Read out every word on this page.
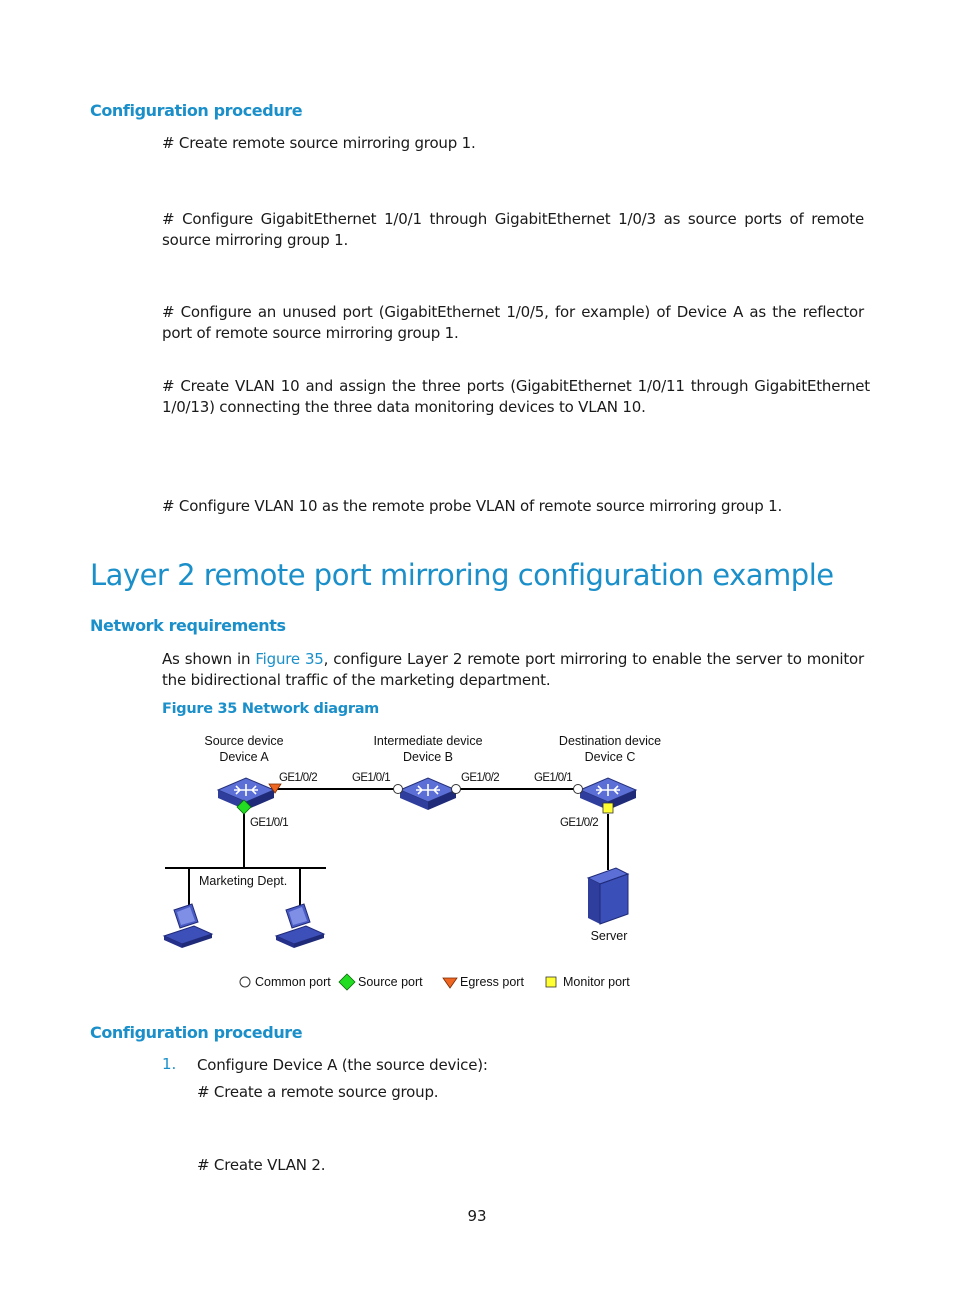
Configuration procedure

# Create remote source mirroring group 1.

# Configure GigabitEthernet 1/0/1 through GigabitEthernet 1/0/3 as source ports of remote source mirroring group 1.

# Configure an unused port (GigabitEthernet 1/0/5, for example) of Device A as the reflector port of remote source mirroring group 1.

# Create VLAN 10 and assign the three ports (GigabitEthernet 1/0/11 through GigabitEthernet 1/0/13) connecting the three data monitoring devices to VLAN 10.

# Configure VLAN 10 as the remote probe VLAN of remote source mirroring group 1.

Layer 2 remote port mirroring configuration example
Network requirements

As shown in Figure 35, configure Layer 2 remote port mirroring to enable the server to monitor the bidirectional traffic of the marketing department.

Figure 35 Network diagram

Source device
Device A
Intermediate device
Device B
Destination device
Device C
GE1/0/2	GE1/0/1	GE1/0/2	GE1/0/1
GE1/0/1	GE1/0/2
Marketing Dept.
Server
Common port Source port	Egress port	Monitor port
Configuration procedure
1. Configure Device A (the source device):

# Create a remote source group.

# Create VLAN 2.

93
